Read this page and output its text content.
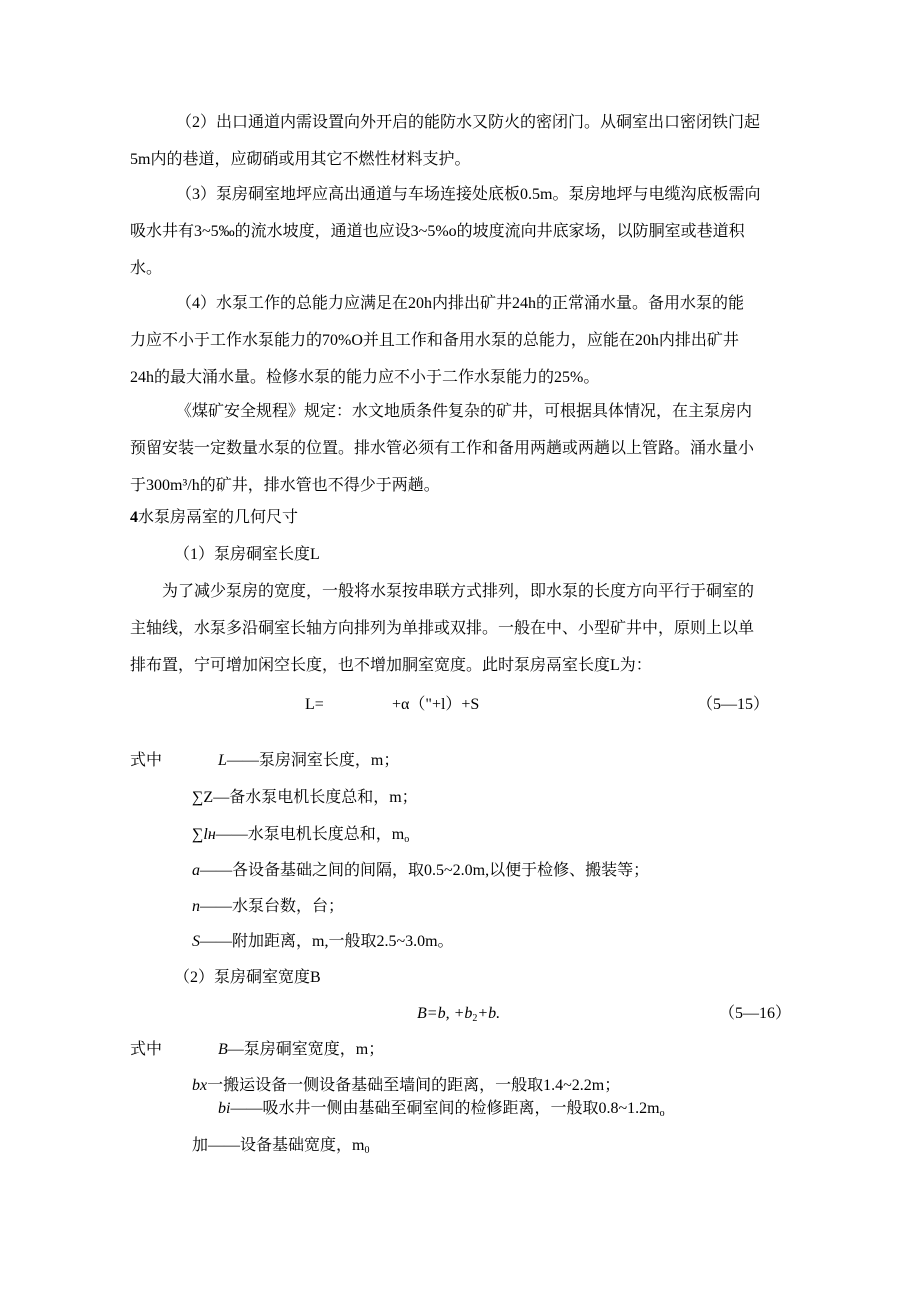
（2）出口通道内需设置向外开启的能防水又防火的密闭门。从硐室出口密闭铁门起
5m内的巷道，应砌硝或用其它不燃性材料支护。

（3）泵房硐室地坪应高出通道与车场连接处底板0.5m。泵房地坪与电缆沟底板需向
吸水井有3~5‰的流水坡度，通道也应设3~5%o的坡度流向井底家场，以防胴室或巷道积
水。

（4）水泵工作的总能力应满足在20h内排出矿井24h的正常涌水量。备用水泵的能
力应不小于工作水泵能力的70%O并且工作和备用水泵的总能力，应能在20h内排出矿井
24h的最大涌水量。检修水泵的能力应不小于二作水泵能力的25%。

《煤矿安全规程》规定：水文地质条件复杂的矿井，可根据具体情况，在主泵房内
预留安装一定数量水泵的位置。排水管必须有工作和备用两趟或两趟以上管路。涌水量小
于300m³/h的矿井，排水管也不得少于两趟。

4水泵房鬲室的几何尺寸
（1）泵房硐室长度L

为了减少泵房的宽度，一般将水泵按串联方式排列，即水泵的长度方向平行于硐室的
主轴线，水泵多沿硐室长轴方向排列为单排或双排。一般在中、小型矿井中，原则上以单
排布置，宁可增加闲空长度，也不增加胴室宽度。此时泵房鬲室长度L为：

L=	+α（"+l）+S	（5—15）
式中	L——泵房洞室长度，m；
∑Z—备水泵电机长度总和，m；
∑lн——水泵电机长度总和，$m_o$
a——各设备基础之间的间隔，取0.5~2.0m,以便于检修、搬装等；
n——水泵台数，台；
S——附加距离，m,一般取2.5~3.0m。
（2）泵房硐室宽度B
B=b, $+b_2+b$.	（5—16）
式中	B—泵房硐室宽度，m；
bx一搬运设备一侧设备基础至墙间的距离，一般取1.4~2.2m；
bi——吸水井一侧由基础至硐室间的检修距离，一般取$0.8\sim 1.2m_o$
加——设备基础宽度，$m_0$
